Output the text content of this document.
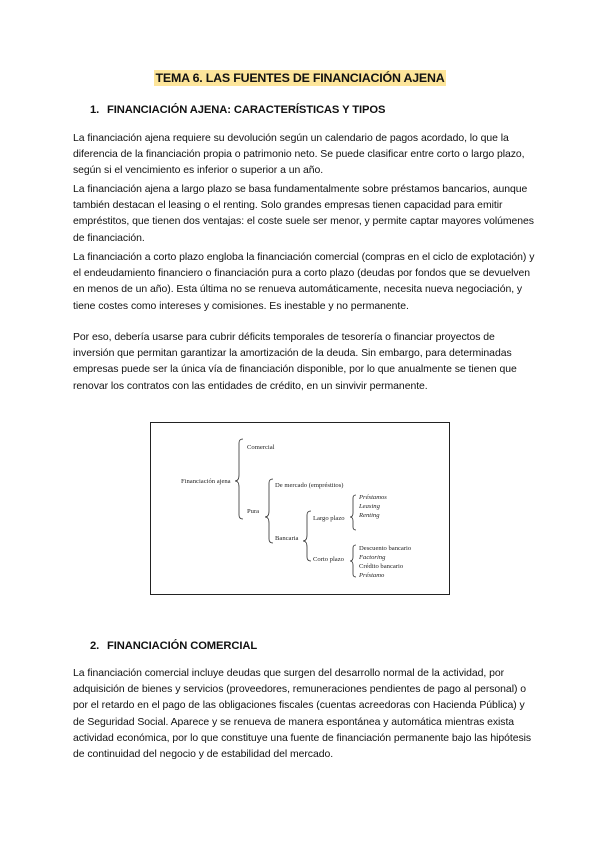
TEMA 6. LAS FUENTES DE FINANCIACIÓN AJENA
1. FINANCIACIÓN AJENA: CARACTERÍSTICAS Y TIPOS

La financiación ajena requiere su devolución según un calendario de pagos acordado, lo que la diferencia de la financiación propia o patrimonio neto. Se puede clasificar entre corto o largo plazo, según si el vencimiento es inferior o superior a un año.

La financiación ajena a largo plazo se basa fundamentalmente sobre préstamos bancarios, aunque también destacan el leasing o el renting. Solo grandes empresas tienen capacidad para emitir empréstitos, que tienen dos ventajas: el coste suele ser menor, y permite captar mayores volúmenes de financiación.

La financiación a corto plazo engloba la financiación comercial (compras en el ciclo de explotación) y el endeudamiento financiero o financiación pura a corto plazo (deudas por fondos que se devuelven en menos de un año). Esta última no se renueva automáticamente, necesita nueva negociación, y tiene costes como intereses y comisiones. Es inestable y no permanente.

Por eso, debería usarse para cubrir déficits temporales de tesorería o financiar proyectos de inversión que permitan garantizar la amortización de la deuda. Sin embargo, para determinadas empresas puede ser la única vía de financiación disponible, por lo que anualmente se tienen que renovar los contratos con las entidades de crédito, en un sinvivir permanente.

Financiación ajena
Comercial
Pura
De mercado (empréstitos)
Bancaria
Largo plazo
Corto plazo
Préstamos
Leasing
Renting
Descuento bancario
Factoring
Crédito bancario
Préstamo
2. FINANCIACIÓN COMERCIAL

La financiación comercial incluye deudas que surgen del desarrollo normal de la actividad, por adquisición de bienes y servicios (proveedores, remuneraciones pendientes de pago al personal) o por el retardo en el pago de las obligaciones fiscales (cuentas acreedoras con Hacienda Pública) y de Seguridad Social. Aparece y se renueva de manera espontánea y automática mientras exista actividad económica, por lo que constituye una fuente de financiación permanente bajo las hipótesis de continuidad del negocio y de estabilidad del mercado.
